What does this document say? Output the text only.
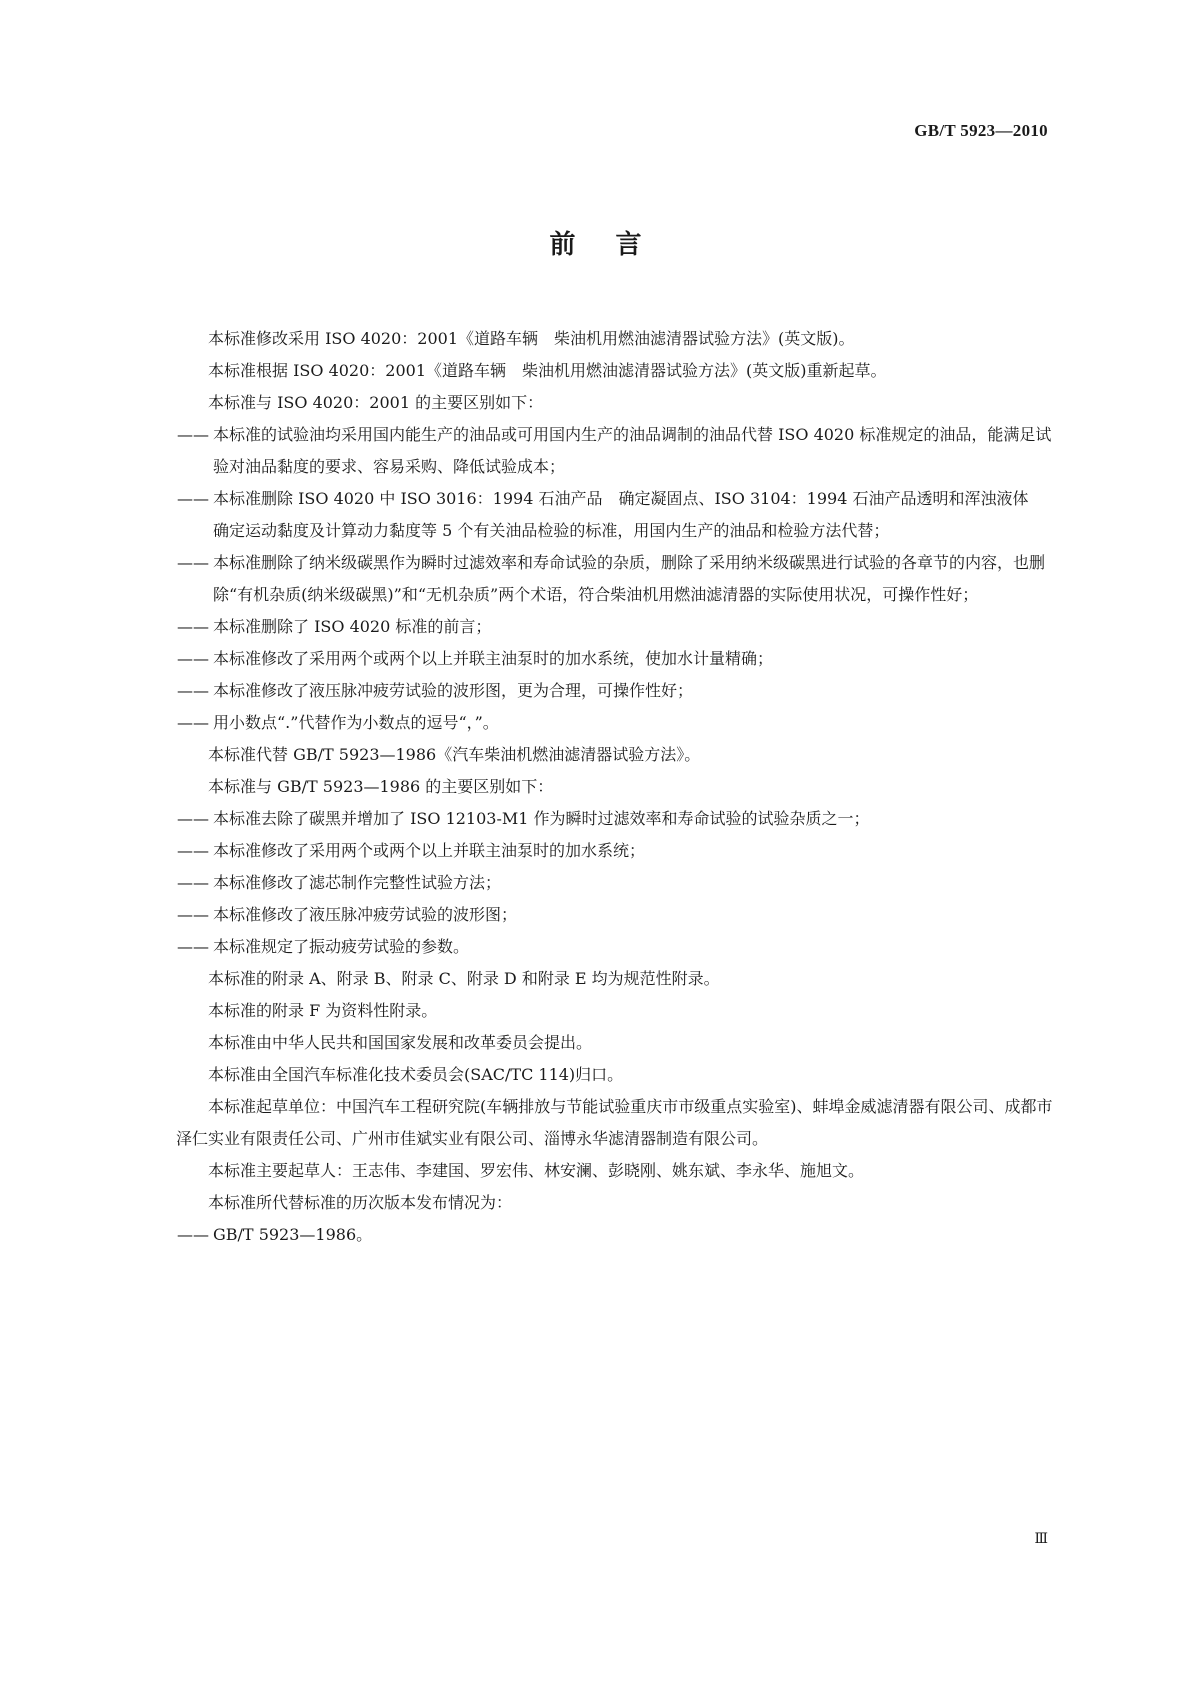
GB/T 5923—2010
前言
本标准修改采用 ISO 4020：2001《道路车辆　柴油机用燃油滤清器试验方法》(英文版)。
本标准根据 ISO 4020：2001《道路车辆　柴油机用燃油滤清器试验方法》(英文版)重新起草。
本标准与 ISO 4020：2001 的主要区别如下：
—— 本标准的试验油均采用国内能生产的油品或可用国内生产的油品调制的油品代替 ISO 4020 标准规定的油品，能满足试验对油品黏度的要求、容易采购、降低试验成本；
—— 本标准删除 ISO 4020 中 ISO 3016：1994 石油产品　确定凝固点、ISO 3104：1994 石油产品透明和浑浊液体　确定运动黏度及计算动力黏度等 5 个有关油品检验的标准，用国内生产的油品和检验方法代替；
—— 本标准删除了纳米级碳黑作为瞬时过滤效率和寿命试验的杂质，删除了采用纳米级碳黑进行试验的各章节的内容，也删除“有机杂质(纳米级碳黑)”和“无机杂质”两个术语，符合柴油机用燃油滤清器的实际使用状况，可操作性好；
—— 本标准删除了 ISO 4020 标准的前言；
—— 本标准修改了采用两个或两个以上并联主油泵时的加水系统，使加水计量精确；
—— 本标准修改了液压脉冲疲劳试验的波形图，更为合理，可操作性好；
—— 用小数点“.”代替作为小数点的逗号“，”。
本标准代替 GB/T 5923—1986《汽车柴油机燃油滤清器试验方法》。
本标准与 GB/T 5923—1986 的主要区别如下：
—— 本标准去除了碳黑并增加了 ISO 12103-M1 作为瞬时过滤效率和寿命试验的试验杂质之一；
—— 本标准修改了采用两个或两个以上并联主油泵时的加水系统；
—— 本标准修改了滤芯制作完整性试验方法；
—— 本标准修改了液压脉冲疲劳试验的波形图；
—— 本标准规定了振动疲劳试验的参数。
本标准的附录 A、附录 B、附录 C、附录 D 和附录 E 均为规范性附录。
本标准的附录 F 为资料性附录。
本标准由中华人民共和国国家发展和改革委员会提出。
本标准由全国汽车标准化技术委员会(SAC/TC 114)归口。
本标准起草单位：中国汽车工程研究院(车辆排放与节能试验重庆市市级重点实验室)、蚌埠金威滤清器有限公司、成都市泽仁实业有限责任公司、广州市佳斌实业有限公司、淄博永华滤清器制造有限公司。
本标准主要起草人：王志伟、李建国、罗宏伟、林安澜、彭晓刚、姚东斌、李永华、施旭文。
本标准所代替标准的历次版本发布情况为：
—— GB/T 5923—1986。
Ⅲ
